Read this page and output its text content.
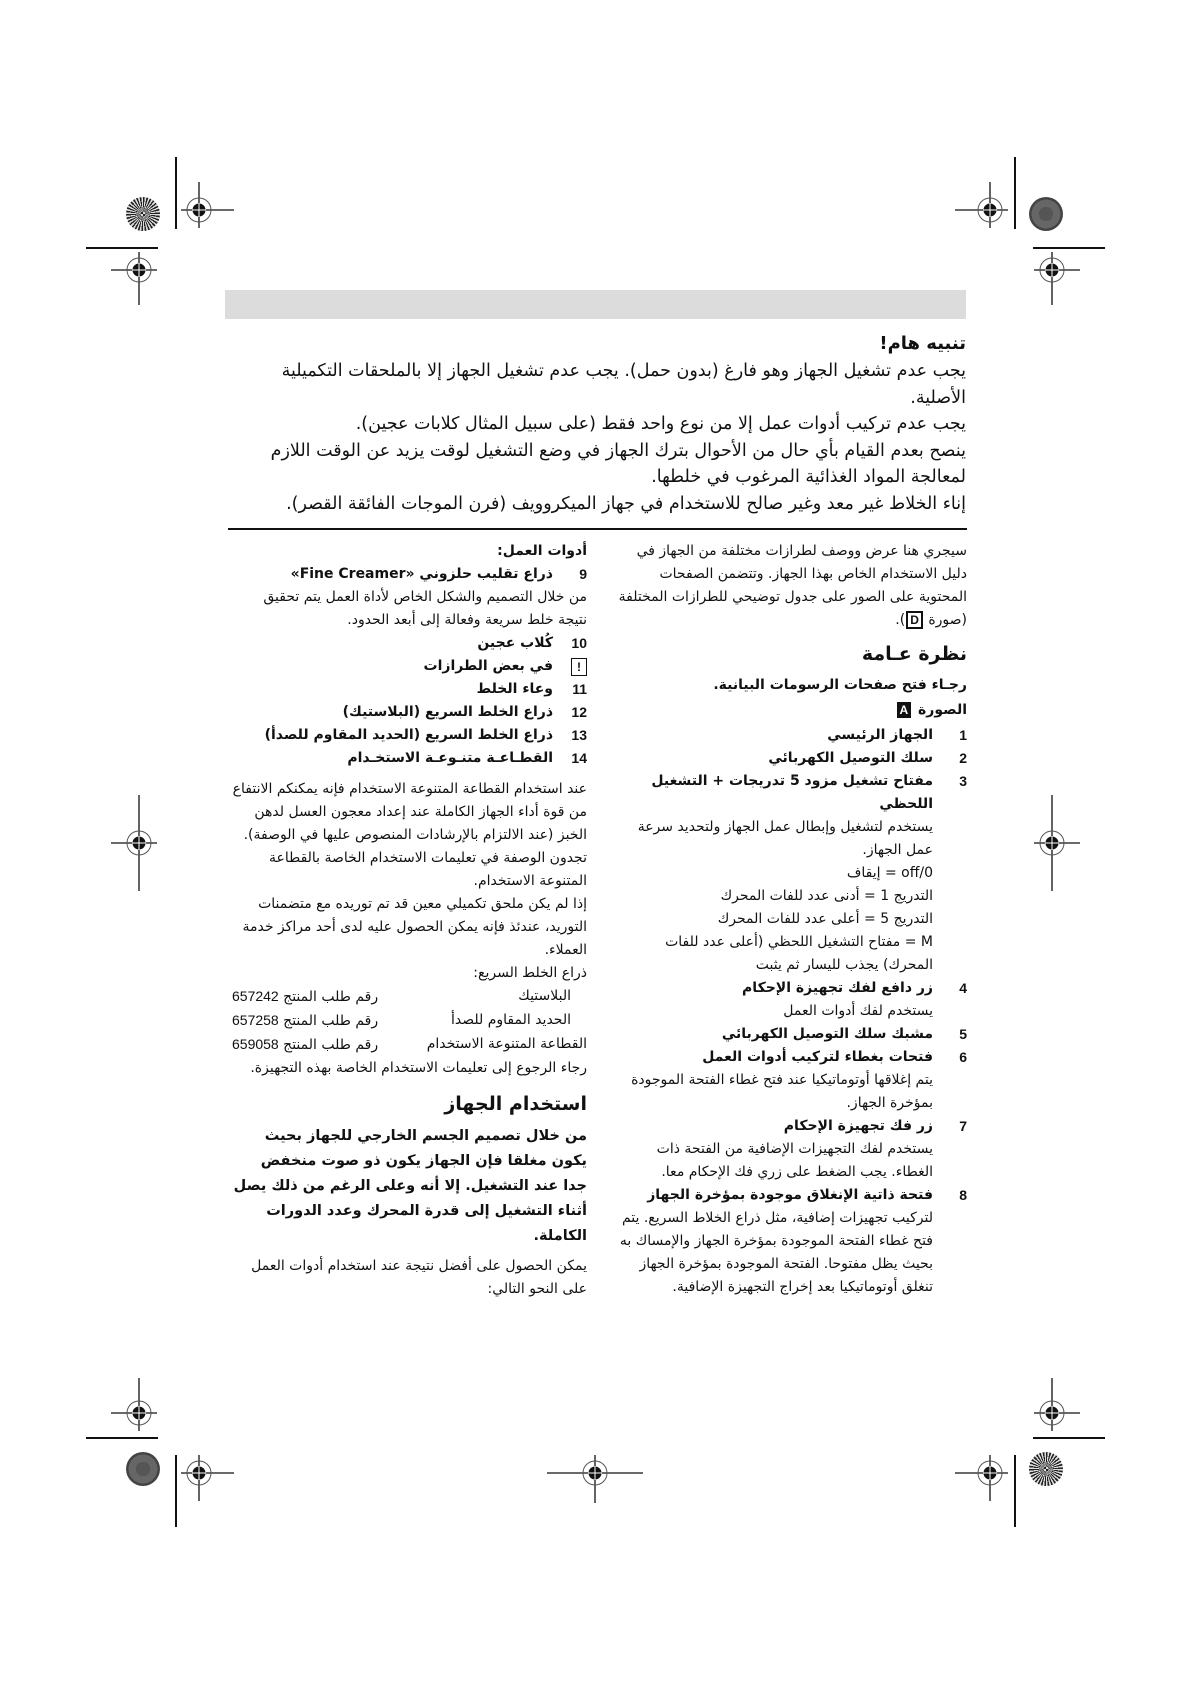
تنبيه هام!

يجب عدم تشغيل الجهاز وهو فارغ (بدون حمل). يجب عدم تشغيل الجهاز إلا بالملحقات التكميلية الأصلية.

يجب عدم تركيب أدوات عمل إلا من نوع واحد فقط (على سبيل المثال كلابات عجين).

ينصح بعدم القيام بأي حال من الأحوال بترك الجهاز في وضع التشغيل لوقت يزيد عن الوقت اللازم لمعالجة المواد الغذائية المرغوب في خلطها.

إناء الخلاط غير معد وغير صالح للاستخدام في جهاز الميكروويف (فرن الموجات الفائقة القصر).

سيجري هنا عرض ووصف لطرازات مختلفة من الجهاز في دليل الاستخدام الخاص بهذا الجهاز. وتتضمن الصفحات المحتوية على الصور على جدول توضيحي للطرازات المختلفة (صورة D).

نظرة عـامة

رجـاء فتح صفحات الرسومات البيانية.

الصورة A

1
الجهاز الرئيسي
2
سلك التوصيل الكهربائي
3
مفتاح تشغيل مزود 5 تدريجات + التشغيل اللحظي

يستخدم لتشغيل وإبطال عمل الجهاز ولتحديد سرعة عمل الجهاز.

off/0 = إيقاف

التدريج 1 = أدنى عدد للفات المحرك

التدريج 5 = أعلى عدد للفات المحرك

M = مفتاح التشغيل اللحظي (أعلى عدد للفات المحرك) يجذب لليسار ثم يثبت

4
زر دافع لفك تجهيزة الإحكام

يستخدم لفك أدوات العمل

5
مشبك سلك التوصيل الكهربائي
6
فتحات بغطاء لتركيب أدوات العمل

يتم إغلاقها أوتوماتيكيا عند فتح غطاء الفتحة الموجودة بمؤخرة الجهاز.

7
زر فك تجهيزة الإحكام

يستخدم لفك التجهيزات الإضافية من الفتحة ذات الغطاء. يجب الضغط على زري فك الإحكام معا.

8
فتحة ذاتية الإنغلاق موجودة بمؤخرة الجهاز

لتركيب تجهيزات إضافية، مثل ذراع الخلاط السريع. يتم فتح غطاء الفتحة الموجودة بمؤخرة الجهاز والإمساك به بحيث يظل مفتوحا. الفتحة الموجودة بمؤخرة الجهاز تنغلق أوتوماتيكيا بعد إخراج التجهيزة الإضافية.

أدوات العمل:

9
ذراع تقليب حلزوني «Fine Creamer»

من خلال التصميم والشكل الخاص لأداة العمل يتم تحقيق نتيجة خلط سريعة وفعالة إلى أبعد الحدود.

10
كُلاب عجين
!
في بعض الطرازات
11
وعاء الخلط
12
ذراع الخلط السريع (البلاستيك)
13
ذراع الخلط السريع (الحديد المقاوم للصدأ)
14
القطـاعـة متنـوعـة الاستخـدام

عند استخدام القطاعة المتنوعة الاستخدام فإنه يمكنكم الانتفاع من قوة أداء الجهاز الكاملة عند إعداد معجون العسل لدهن الخبز (عند الالتزام بالإرشادات المنصوص عليها في الوصفة).

تجدون الوصفة في تعليمات الاستخدام الخاصة بالقطاعة المتنوعة الاستخدام.

إذا لم يكن ملحق تكميلي معين قد تم توريده مع متضمنات التوريد، عندئذ فإنه يمكن الحصول عليه لدى أحد مراكز خدمة العملاء.

ذراع الخلط السريع:

البلاستيك
رقم طلب المنتج 657242
الحديد المقاوم للصدأ
رقم طلب المنتج 657258
القطاعة المتنوعة الاستخدام
رقم طلب المنتج 659058

رجاء الرجوع إلى تعليمات الاستخدام الخاصة بهذه التجهيزة.

استخدام الجهاز

من خلال تصميم الجسم الخارجي للجهاز بحيث يكون مغلقا فإن الجهاز يكون ذو صوت منخفض جدا عند التشغيل. إلا أنه وعلى الرغم من ذلك يصل أثناء التشغيل إلى قدرة المحرك وعدد الدورات الكاملة.

يمكن الحصول على أفضل نتيجة عند استخدام أدوات العمل على النحو التالي:
